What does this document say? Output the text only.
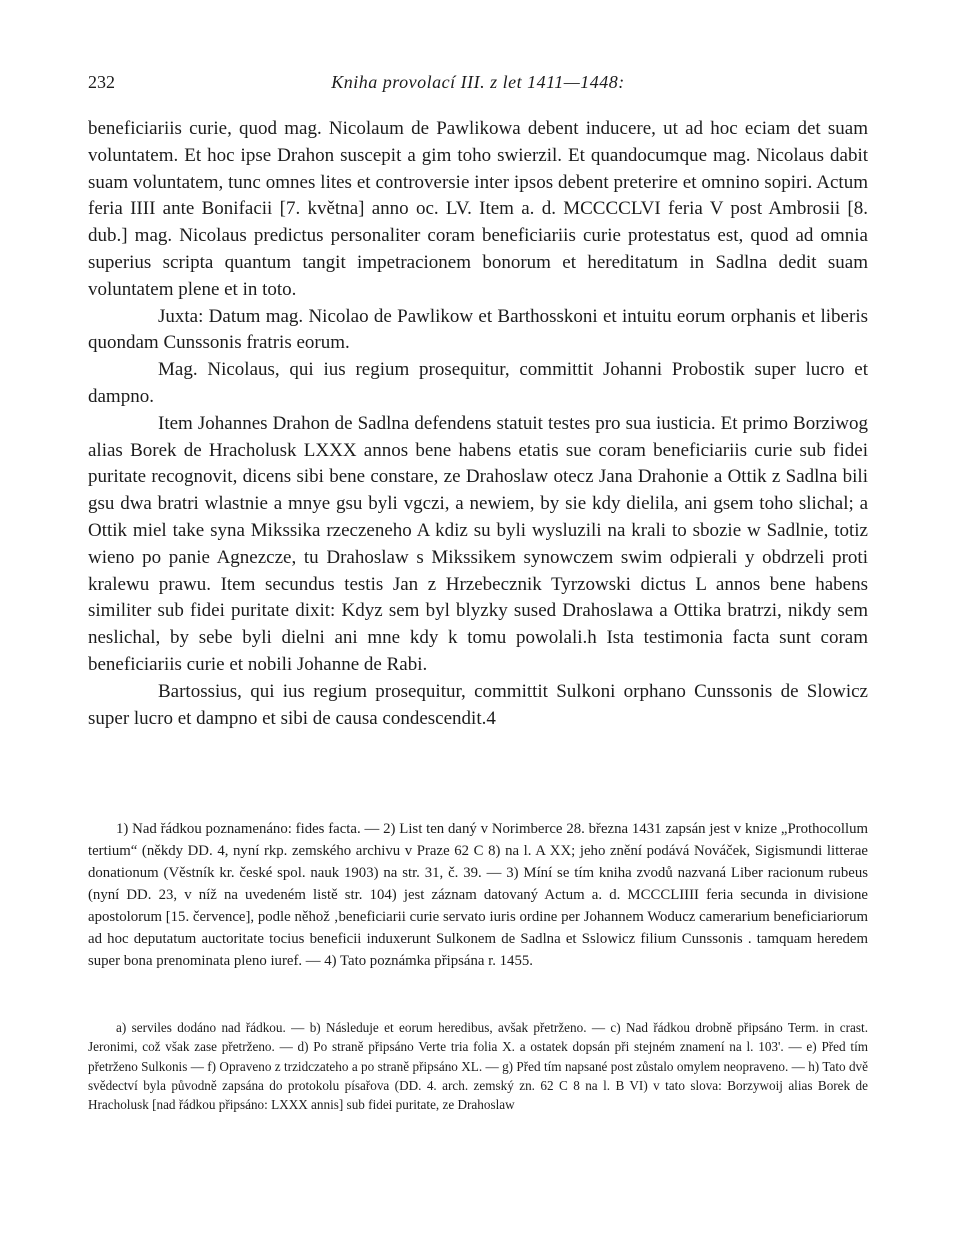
232	Kniha provolací III. z let 1411—1448:

beneficiariis curie, quod mag. Nicolaum de Pawlikowa debent inducere, ut ad hoc eciam det suam voluntatem. Et hoc ipse Drahon suscepit a gim toho swierzil. Et quandocumque mag. Nicolaus dabit suam voluntatem, tunc omnes lites et controversie inter ipsos debent preterire et omnino sopiri. Actum feria IIII ante Bonifacii [7. května] anno oc. LV. Item a. d. MCCCCLVI feria V post Ambrosii [8. dub.] mag. Nicolaus predictus personaliter coram beneficiariis curie protestatus est, quod ad omnia superius scripta quantum tangit impetracionem bonorum et hereditatum in Sadlna dedit suam voluntatem plene et in toto.

Juxta: Datum mag. Nicolao de Pawlikow et Barthosskoni et intuitu eorum orphanis et liberis quondam Cunssonis fratris eorum.

Mag. Nicolaus, qui ius regium prosequitur, committit Johanni Probostik super lucro et dampno.

Item Johannes Drahon de Sadlna defendens statuit testes pro sua iusticia. Et primo Borziwog alias Borek de Hracholusk LXXX annos bene habens etatis sue coram beneficiariis curie sub fidei puritate recognovit, dicens sibi bene constare, ze Drahoslaw otecz Jana Drahonie a Ottik z Sadlna bili gsu dwa bratri wlastnie a mnye gsu byli vgczi, a newiem, by sie kdy dielila, ani gsem toho slichal; a Ottik miel take syna Mikssika rzeczeneho A kdiz su byli wysluzili na krali to sbozie w Sadlnie, totiz wieno po panie Agnezcze, tu Drahoslaw s Mikssikem synowczem swim odpierali y obdrzeli proti kralewu prawu. Item secundus testis Jan z Hrzebecznik Tyrzowski dictus L annos bene habens similiter sub fidei puritate dixit: Kdyz sem byl blyzky sused Drahoslawa a Ottika bratrzi, nikdy sem neslichal, by sebe byli dielni ani mne kdy k tomu powolali.h Ista testimonia facta sunt coram beneficiariis curie et nobili Johanne de Rabi.

Bartossius, qui ius regium prosequitur, committit Sulkoni orphano Cunssonis de Slowicz super lucro et dampno et sibi de causa condescendit.4

1) Nad řádkou poznamenáno: fides facta. — 2) List ten daný v Norimberce 28. března 1431 zapsán jest v knize „Prothocollum tertium“ (někdy DD. 4, nyní rkp. zemského archivu v Praze 62 C 8) na l. A XX; jeho znění podává Nováček, Sigismundi litterae donationum (Věstník kr. české spol. nauk 1903) na str. 31, č. 39. — 3) Míní se tím kniha zvodů nazvaná Liber racionum rubeus (nyní DD. 23, v níž na uvedeném listě str. 104) jest záznam datovaný Actum a. d. MCCCLIIII feria secunda in divisione apostolorum [15. července], podle něhož ‚beneficiarii curie servato iuris ordine per Johannem Woducz camerarium beneficiariorum ad hoc deputatum auctoritate tocius beneficii induxerunt Sulkonem de Sadlna et Sslowicz filium Cunssonis . tamquam heredem super bona prenominata pleno iuref. — 4) Tato poznámka připsána r. 1455.

a) serviles dodáno nad řádkou. — b) Následuje et eorum heredibus, avšak přetrženo. — c) Nad řádkou drobně připsáno Term. in crast. Jeronimi, což však zase přetrženo. — d) Po straně připsáno Verte tria folia X. a ostatek dopsán při stejném znamení na l. 103'. — e) Před tím přetrženo Sulkonis — f) Opraveno z trzidczateho a po straně připsáno XL. — g) Před tím napsané post zůstalo omylem neopraveno. — h) Tato dvě svědectví byla původně zapsána do protokolu písařova (DD. 4. arch. zemský zn. 62 C 8 na l. B VI) v tato slova: Borzywoij alias Borek de Hracholusk [nad řádkou připsáno: LXXX annis] sub fidei puritate, ze Drahoslaw
